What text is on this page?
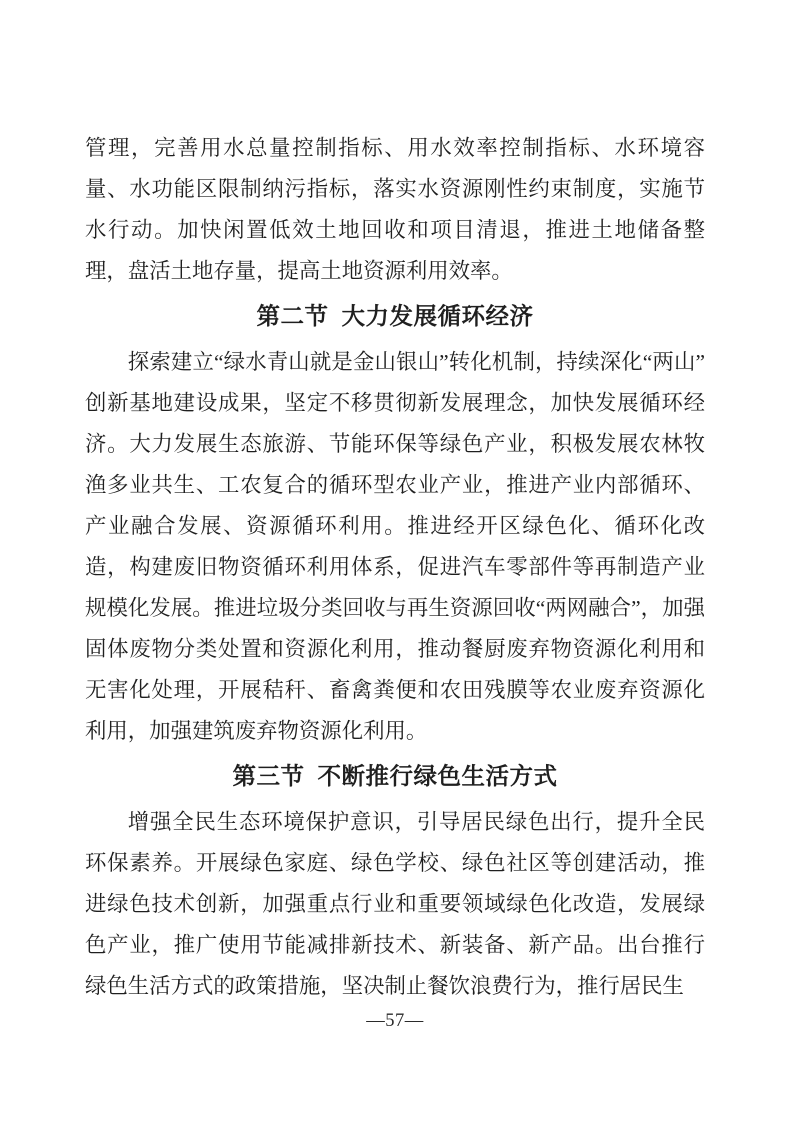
管理，完善用水总量控制指标、用水效率控制指标、水环境容量、水功能区限制纳污指标，落实水资源刚性约束制度，实施节水行动。加快闲置低效土地回收和项目清退，推进土地储备整理，盘活土地存量，提高土地资源利用效率。

第二节 大力发展循环经济

探索建立“绿水青山就是金山银山”转化机制，持续深化“两山”创新基地建设成果，坚定不移贯彻新发展理念，加快发展循环经济。大力发展生态旅游、节能环保等绿色产业，积极发展农林牧渔多业共生、工农复合的循环型农业产业，推进产业内部循环、产业融合发展、资源循环利用。推进经开区绿色化、循环化改造，构建废旧物资循环利用体系，促进汽车零部件等再制造产业规模化发展。推进垃圾分类回收与再生资源回收“两网融合”，加强固体废物分类处置和资源化利用，推动餐厨废弃物资源化利用和无害化处理，开展秸秆、畜禽粪便和农田残膜等农业废弃资源化利用，加强建筑废弃物资源化利用。

第三节 不断推行绿色生活方式

增强全民生态环境保护意识，引导居民绿色出行，提升全民环保素养。开展绿色家庭、绿色学校、绿色社区等创建活动，推进绿色技术创新，加强重点行业和重要领域绿色化改造，发展绿色产业，推广使用节能减排新技术、新装备、新产品。出台推行绿色生活方式的政策措施，坚决制止餐饮浪费行为，推行居民生

—57—
